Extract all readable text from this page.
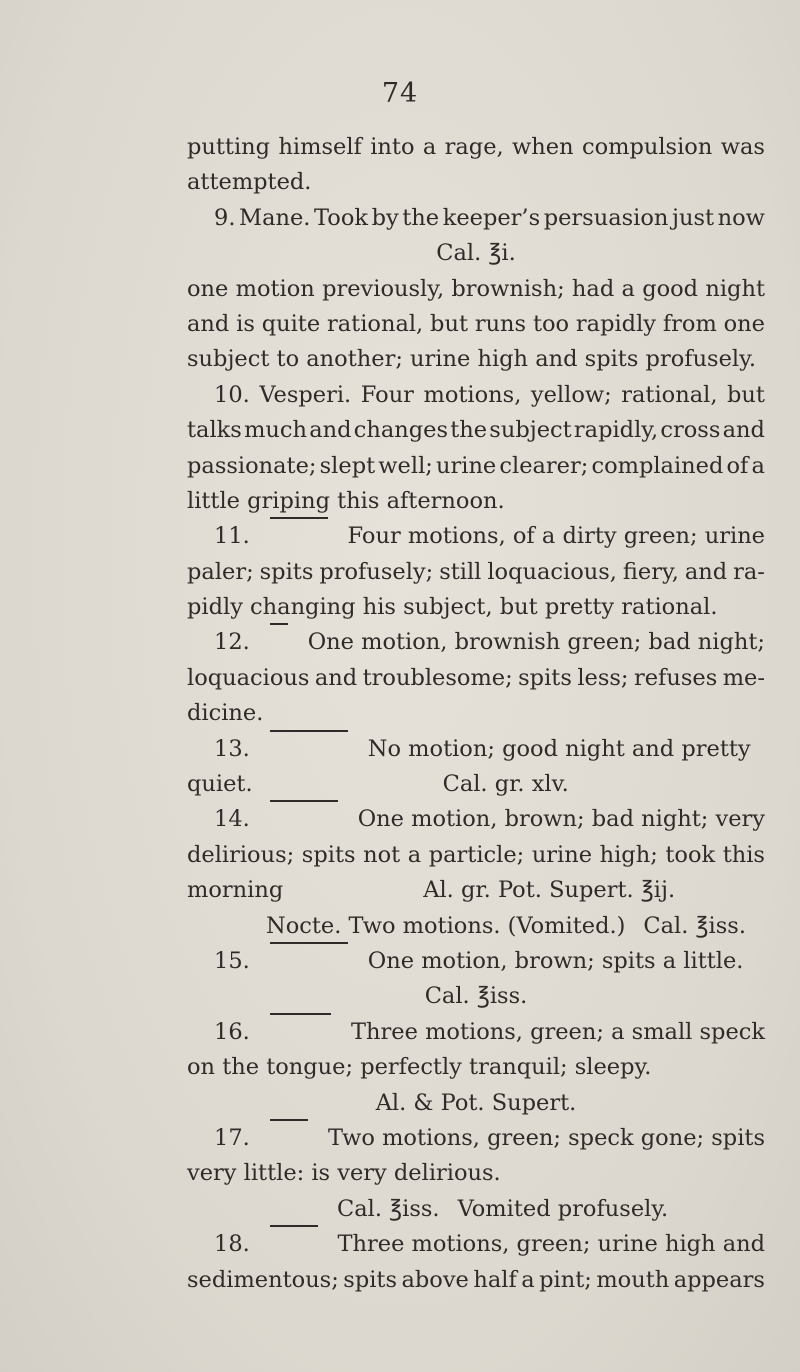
74
putting himself into a rage, when compulsion was
attempted.
9. Mane. Took by the keeper’s persuasion just now
Cal. ℥i.
one motion previously, brownish; had a good night
and is quite rational, but runs too rapidly from one
subject to another; urine high and spits profusely.
10. Vesperi. Four motions, yellow; rational, but
talks much and changes the subject rapidly, cross and
passionate; slept well; urine clearer; complained of a
little griping this afternoon.
11.	Four motions, of a dirty green; urine
paler; spits profusely; still loquacious, fiery, and ra-
pidly changing his subject, but pretty rational.
12.	One motion, brownish green; bad night;
loquacious and troublesome; spits less; refuses me-
dicine.
13.	No motion; good night and pretty
quiet.	Cal. gr. xlv.
14.	One motion, brown; bad night; very
delirious; spits not a particle; urine high; took this
morning	Al. gr. Pot. Supert. ℥ij.
Nocte. Two motions. (Vomited.) Cal. ℥iss.
15.	One motion, brown; spits a little.
Cal. ℥iss.
16.	Three motions, green; a small speck
on the tongue; perfectly tranquil; sleepy.
Al. & Pot. Supert.
17.	Two motions, green; speck gone; spits
very little: is very delirious.
Cal. ℥iss. Vomited profusely.
18.	Three motions, green; urine high and
sedimentous; spits above half a pint; mouth appears
